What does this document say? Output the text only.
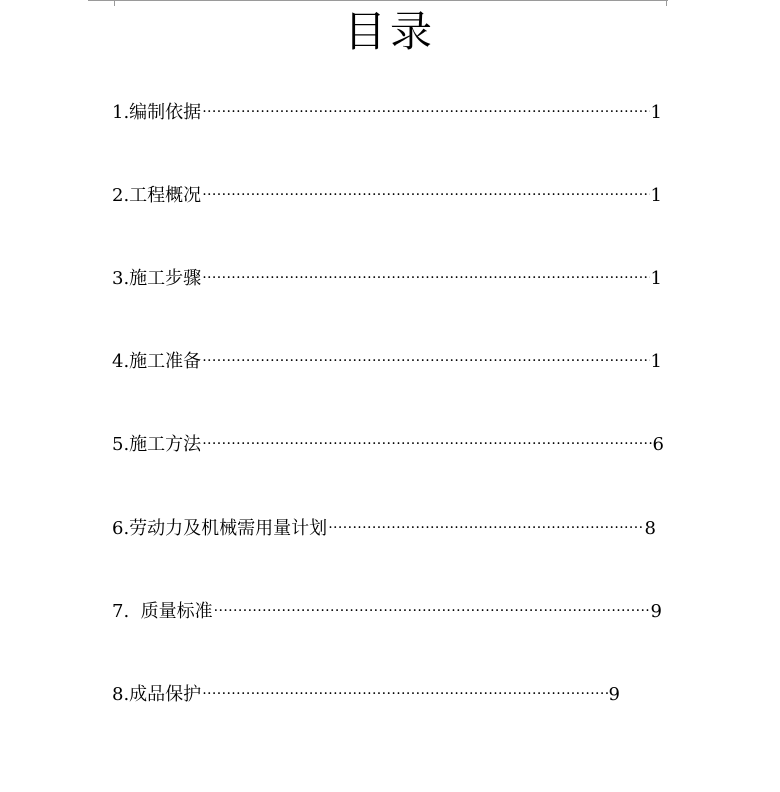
目录
1.编制依据 .....	1
2.工程概况 .....	1
3.施工步骤 .....	1
4.施工准备 .....	1
5.施工方法 .....	6
6.劳动力及机械需用量计划 .....	8
7.  质量标准 .....	9
8.成品保护 .....	9
